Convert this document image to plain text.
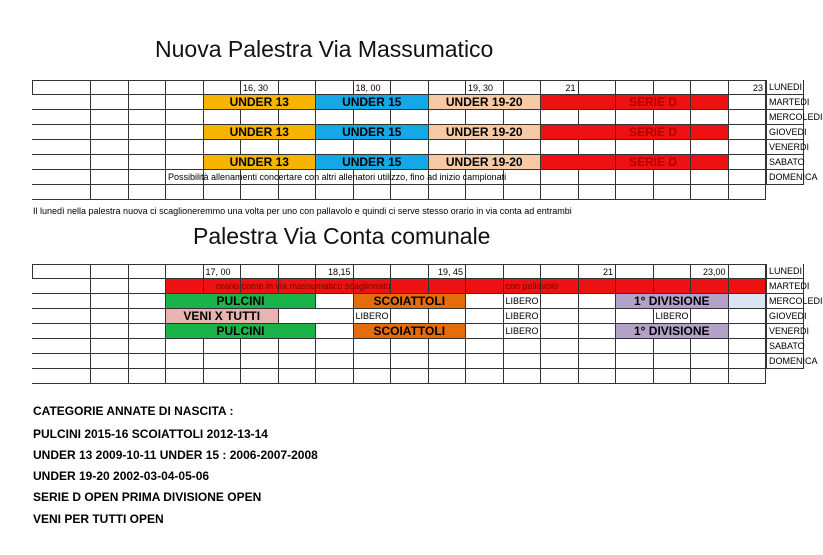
Nuova Palestra Via Massumatico
16, 30	18, 00	19, 30	21	23 LUNEDI
UNDER 13	UNDER 15	UNDER 19-20	SERIE D	MARTEDI
MERCOLEDI
UNDER 13	UNDER 15	UNDER 19-20	SERIE D	GIOVEDI
VENERDI
UNDER 13	UNDER 15	UNDER 19-20	SERIE D	SABATO
Possibilità allenamenti concertare con altri allenatori utilizzo, fino ad inizio campionati	DOMENICA
Il lunedì nella palestra nuova ci scaglioneremmo una volta per uno con pallavolo e quindi ci serve stesso orario in via conta ad entrambi
Palestra Via Conta comunale
17, 00	18,15	19, 45	21	23,00	LUNEDI
orario come in via massumatico scaglionato	con pallavolo	MARTEDI
PULCINI	SCOIATTOLI	LIBERO	1° DIVISIONE	MERCOLEDI
VENI X TUTTI	LIBERO	LIBERO	LIBERO	GIOVEDI
PULCINI	SCOIATTOLI	LIBERO	1° DIVISIONE	VENERDI
SABATO
DOMENICA
CATEGORIE ANNATE DI NASCITA :
PULCINI 2015-16 SCOIATTOLI 2012-13-14
UNDER 13 2009-10-11 UNDER 15 : 2006-2007-2008
UNDER 19-20 2002-03-04-05-06
SERIE D OPEN PRIMA DIVISIONE OPEN
VENI PER TUTTI OPEN
